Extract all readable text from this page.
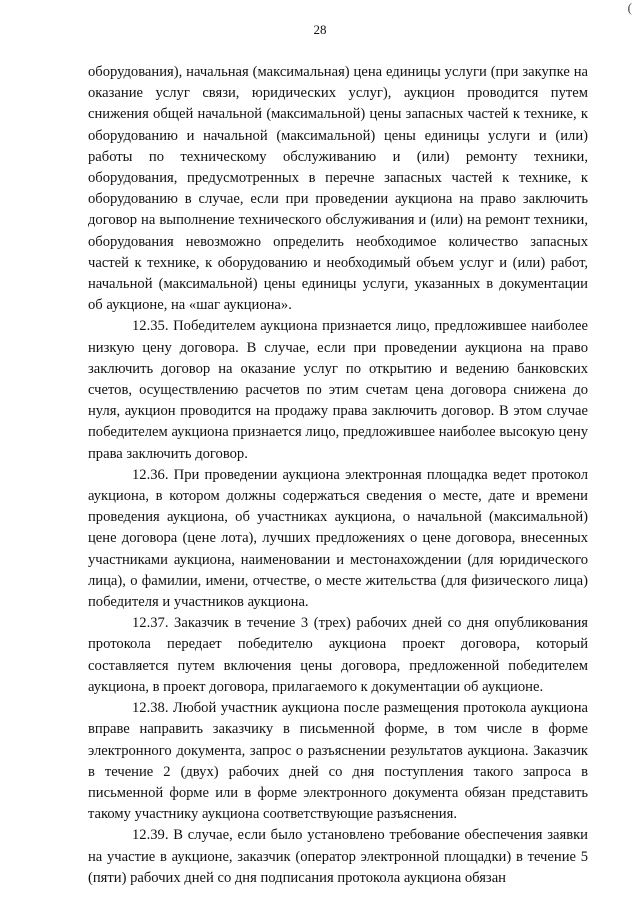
28
(

оборудования), начальная (максимальная) цена единицы услуги (при закупке на оказание услуг связи, юридических услуг), аукцион проводится путем снижения общей начальной (максимальной) цены запасных частей к технике, к оборудованию и начальной (максимальной) цены единицы услуги и (или) работы по техническому обслуживанию и (или) ремонту техники, оборудования, предусмотренных в перечне запасных частей к технике, к оборудованию в случае, если при проведении аукциона на право заключить договор на выполнение технического обслуживания и (или) на ремонт техники, оборудования невозможно определить необходимое количество запасных частей к технике, к оборудованию и необходимый объем услуг и (или) работ, начальной (максимальной) цены единицы услуги, указанных в документации об аукционе, на «шаг аукциона».

12.35. Победителем аукциона признается лицо, предложившее наиболее низкую цену договора. В случае, если при проведении аукциона на право заключить договор на оказание услуг по открытию и ведению банковских счетов, осуществлению расчетов по этим счетам цена договора снижена до нуля, аукцион проводится на продажу права заключить договор. В этом случае победителем аукциона признается лицо, предложившее наиболее высокую цену права заключить договор.

12.36. При проведении аукциона электронная площадка ведет протокол аукциона, в котором должны содержаться сведения о месте, дате и времени проведения аукциона, об участниках аукциона, о начальной (максимальной) цене договора (цене лота), лучших предложениях о цене договора, внесенных участниками аукциона, наименовании и местонахождении (для юридического лица), о фамилии, имени, отчестве, о месте жительства (для физического лица) победителя и участников аукциона.

12.37. Заказчик в течение 3 (трех) рабочих дней со дня опубликования протокола передает победителю аукциона проект договора, который составляется путем включения цены договора, предложенной победителем аукциона, в проект договора, прилагаемого к документации об аукционе.

12.38. Любой участник аукциона после размещения протокола аукциона вправе направить заказчику в письменной форме, в том числе в форме электронного документа, запрос о разъяснении результатов аукциона. Заказчик в течение 2 (двух) рабочих дней со дня поступления такого запроса в письменной форме или в форме электронного документа обязан представить такому участнику аукциона соответствующие разъяснения.

12.39. В случае, если было установлено требование обеспечения заявки на участие в аукционе, заказчик (оператор электронной площадки) в течение 5 (пяти) рабочих дней со дня подписания протокола аукциона обязан
